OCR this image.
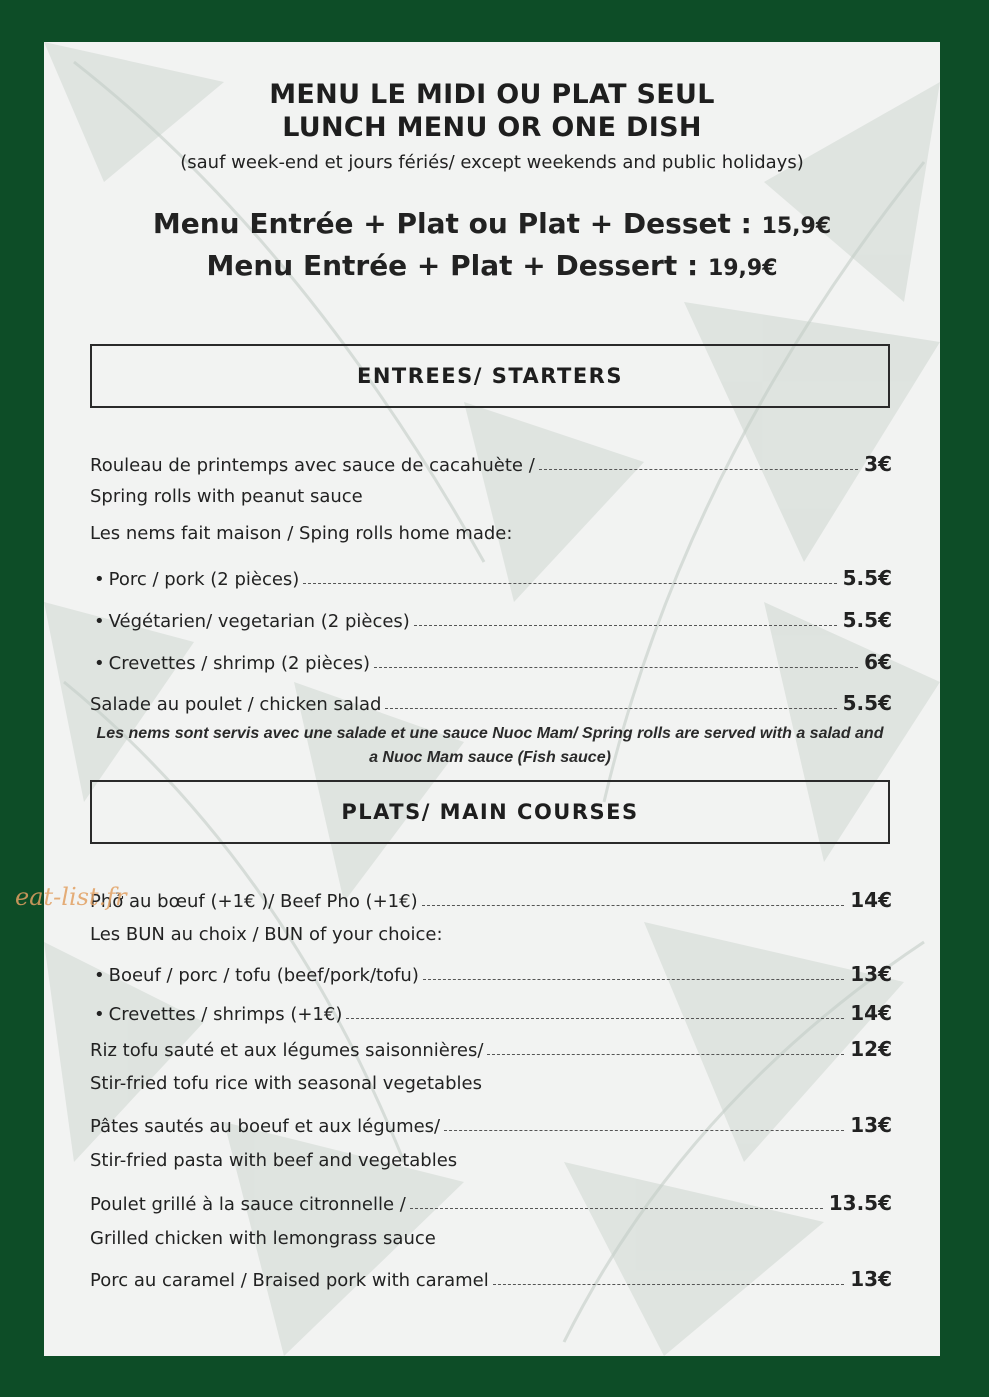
MENU LE MIDI OU PLAT SEUL
LUNCH MENU OR ONE DISH
(sauf week-end et jours fériés/ except weekends and public holidays)
Menu Entrée + Plat ou Plat + Desset : 15,9€
Menu Entrée + Plat + Dessert : 19,9€
ENTREES/ STARTERS
Rouleau de printemps avec sauce de cacahuète /	3€
Spring rolls with peanut sauce
Les nems fait maison / Sping rolls home made:
• Porc / pork (2 pièces)	5.5€
• Végétarien/ vegetarian (2 pièces)	5.5€
• Crevettes / shrimp (2 pièces)	6€
Salade au poulet / chicken salad	5.5€
Les nems sont servis avec une salade et une sauce Nuoc Mam/ Spring rolls are served with a salad and a Nuoc Mam sauce (Fish sauce)
PLATS/ MAIN COURSES
Phở au bœuf (+1€ )/ Beef Pho (+1€)	14€
Les BUN au choix / BUN of your choice:
• Boeuf / porc / tofu (beef/pork/tofu)	13€
• Crevettes / shrimps (+1€)	14€
Riz tofu sauté et aux légumes saisonnières/	12€
Stir-fried tofu rice with seasonal vegetables
Pâtes sautés au boeuf et aux légumes/	13€
Stir-fried pasta with beef and vegetables
Poulet grillé à la sauce citronnelle /	13.5€
Grilled chicken with lemongrass sauce
Porc au caramel / Braised pork with caramel	13€
eat-list.fr
